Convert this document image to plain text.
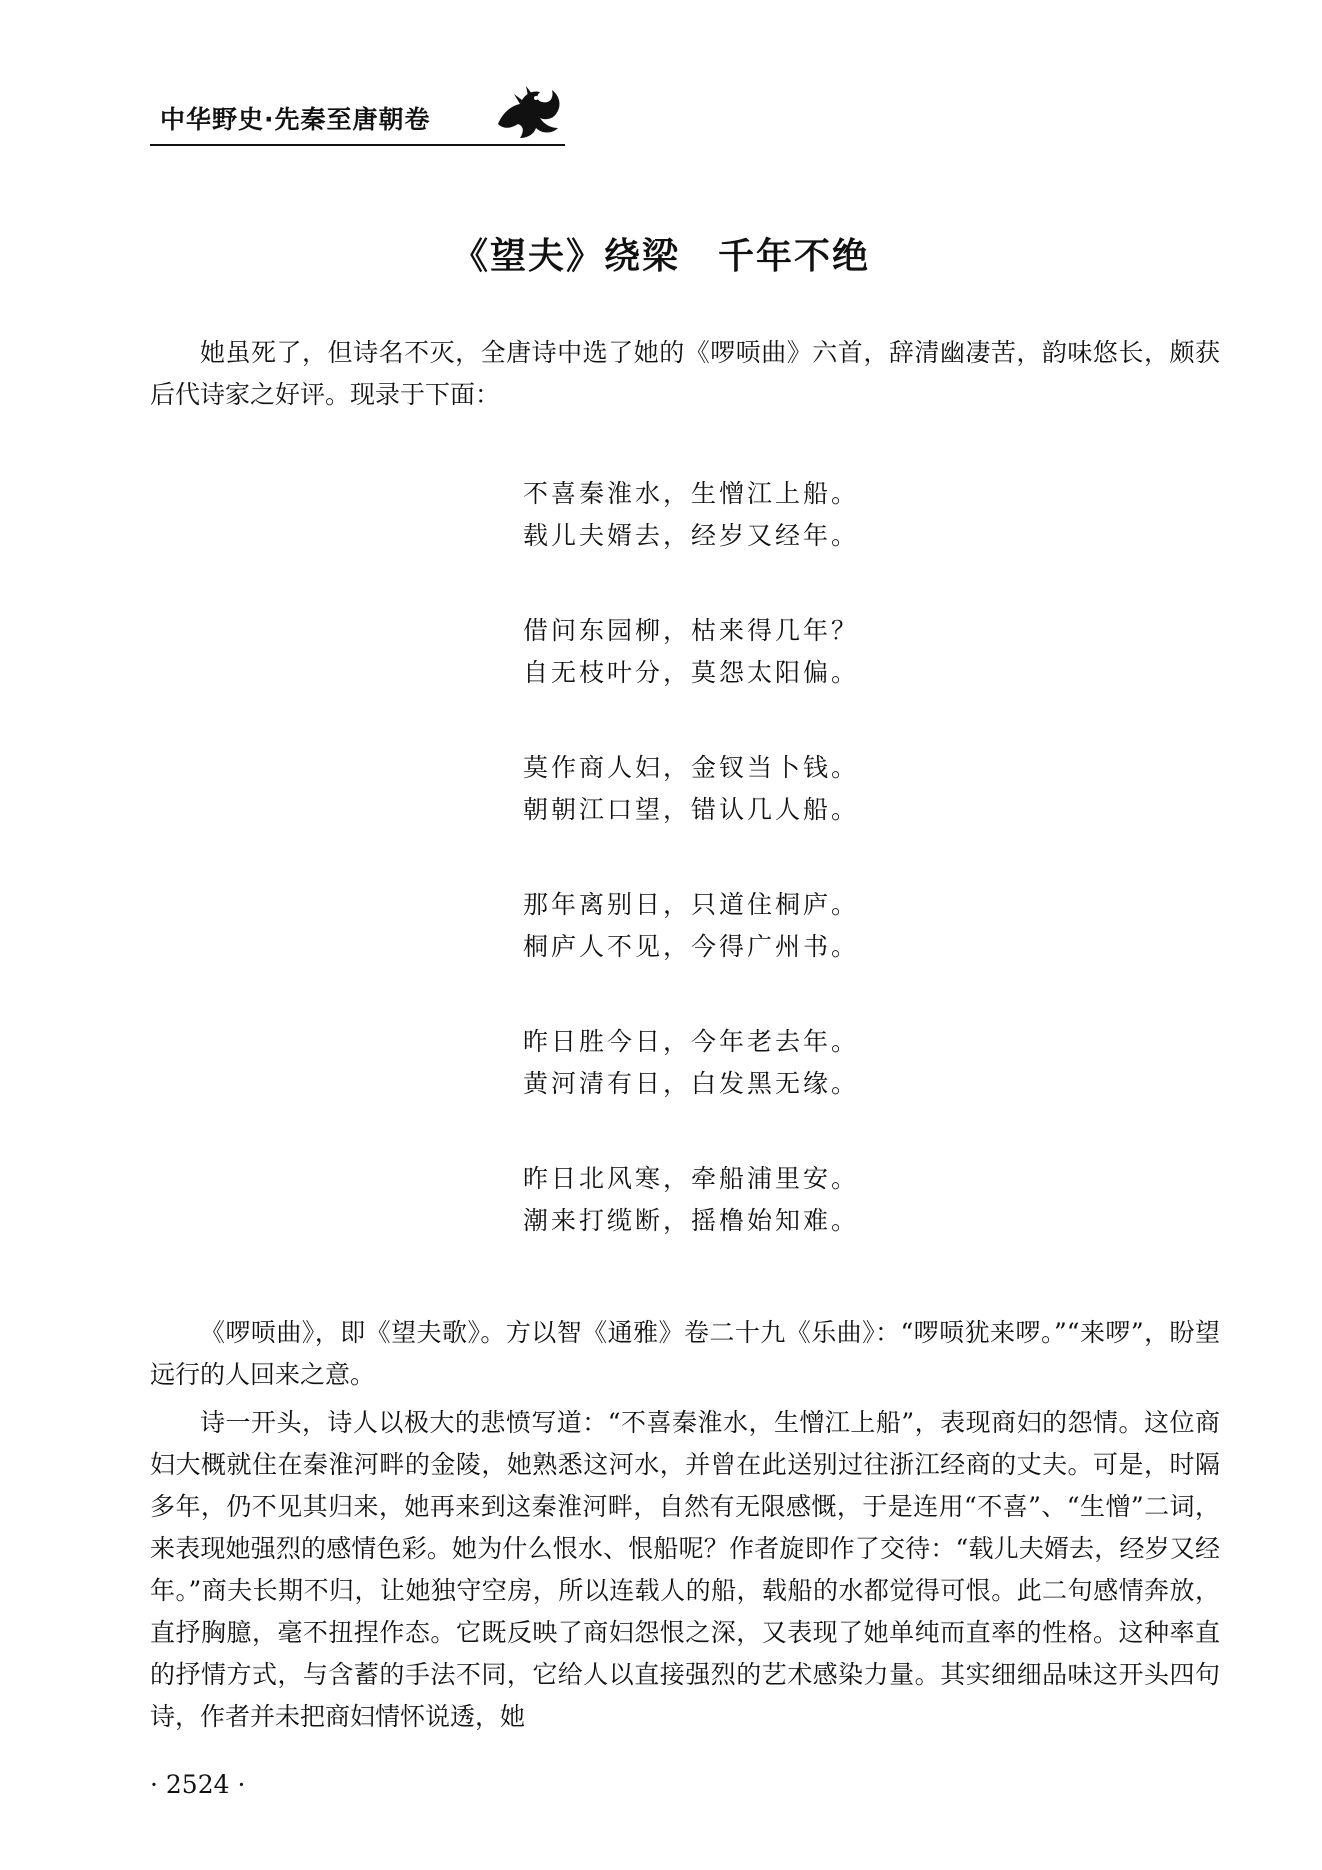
中华野史·先秦至唐朝卷
《望夫》绕梁　千年不绝

她虽死了，但诗名不灭，全唐诗中选了她的《啰唝曲》六首，辞清幽凄苦，韵味悠长，颇获后代诗家之好评。现录于下面：

不喜秦淮水，生憎江上船。
载儿夫婿去，经岁又经年。
借问东园柳，枯来得几年？
自无枝叶分，莫怨太阳偏。
莫作商人妇，金钗当卜钱。
朝朝江口望，错认几人船。
那年离别日，只道住桐庐。
桐庐人不见，今得广州书。
昨日胜今日，今年老去年。
黄河清有日，白发黑无缘。
昨日北风寒，牵船浦里安。
潮来打缆断，摇橹始知难。

《啰唝曲》，即《望夫歌》。方以智《通雅》卷二十九《乐曲》：“啰唝犹来啰。”“来啰”，盼望远行的人回来之意。

诗一开头，诗人以极大的悲愤写道：“不喜秦淮水，生憎江上船”，表现商妇的怨情。这位商妇大概就住在秦淮河畔的金陵，她熟悉这河水，并曾在此送别过往浙江经商的丈夫。可是，时隔多年，仍不见其归来，她再来到这秦淮河畔，自然有无限感慨，于是连用“不喜”、“生憎”二词，来表现她强烈的感情色彩。她为什么恨水、恨船呢？作者旋即作了交待：“载儿夫婿去，经岁又经年。”商夫长期不归，让她独守空房，所以连载人的船，载船的水都觉得可恨。此二句感情奔放，直抒胸臆，毫不扭捏作态。它既反映了商妇怨恨之深，又表现了她单纯而直率的性格。这种率直的抒情方式，与含蓄的手法不同，它给人以直接强烈的艺术感染力量。其实细细品味这开头四句诗，作者并未把商妇情怀说透，她

· 2524 ·
